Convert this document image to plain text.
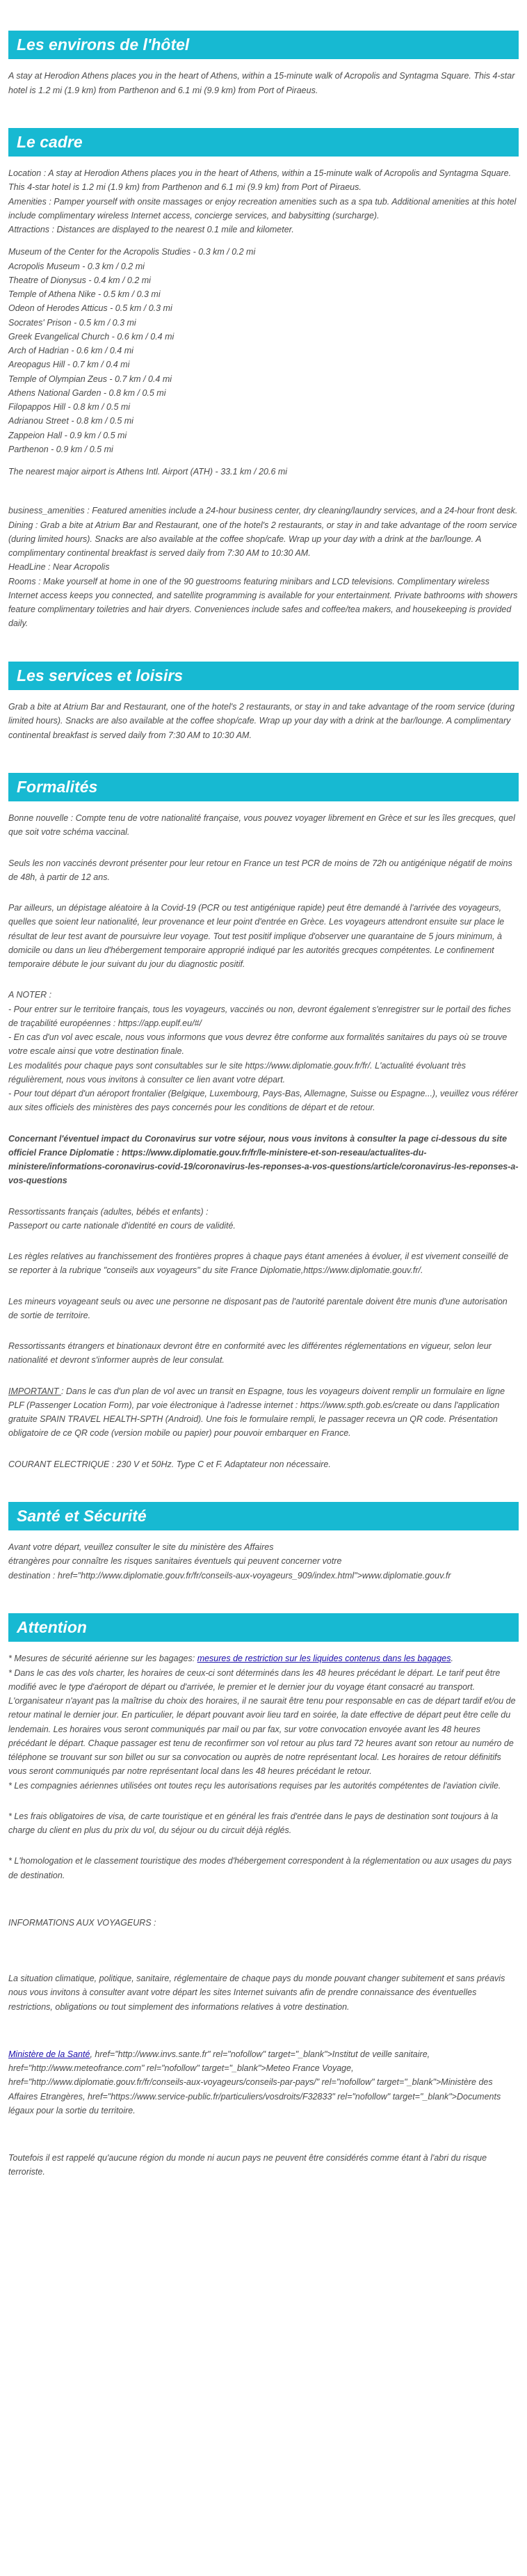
Les environs de l'hôtel

A stay at Herodion Athens places you in the heart of Athens, within a 15-minute walk of Acropolis and Syntagma Square. This 4-star hotel is 1.2 mi (1.9 km) from Parthenon and 6.1 mi (9.9 km) from Port of Piraeus.

Le cadre

Location : A stay at Herodion Athens places you in the heart of Athens, within a 15-minute walk of Acropolis and Syntagma Square. This 4-star hotel is 1.2 mi (1.9 km) from Parthenon and 6.1 mi (9.9 km) from Port of Piraeus.

Amenities : Pamper yourself with onsite massages or enjoy recreation amenities such as a spa tub. Additional amenities at this hotel include complimentary wireless Internet access, concierge services, and babysitting (surcharge).

Attractions : Distances are displayed to the nearest 0.1 mile and kilometer.

Museum of the Center for the Acropolis Studies - 0.3 km / 0.2 mi
Acropolis Museum - 0.3 km / 0.2 mi
Theatre of Dionysus - 0.4 km / 0.2 mi
Temple of Athena Nike - 0.5 km / 0.3 mi
Odeon of Herodes Atticus - 0.5 km / 0.3 mi
Socrates' Prison - 0.5 km / 0.3 mi
Greek Evangelical Church - 0.6 km / 0.4 mi
Arch of Hadrian - 0.6 km / 0.4 mi
Areopagus Hill - 0.7 km / 0.4 mi
Temple of Olympian Zeus - 0.7 km / 0.4 mi
Athens National Garden - 0.8 km / 0.5 mi
Filopappos Hill - 0.8 km / 0.5 mi
Adrianou Street - 0.8 km / 0.5 mi
Zappeion Hall - 0.9 km / 0.5 mi
Parthenon - 0.9 km / 0.5 mi

The nearest major airport is Athens Intl. Airport (ATH) - 33.1 km / 20.6 mi

business_amenities : Featured amenities include a 24-hour business center, dry cleaning/laundry services, and a 24-hour front desk.

Dining : Grab a bite at Atrium Bar and Restaurant, one of the hotel's 2 restaurants, or stay in and take advantage of the room service (during limited hours). Snacks are also available at the coffee shop/cafe. Wrap up your day with a drink at the bar/lounge. A complimentary continental breakfast is served daily from 7:30 AM to 10:30 AM.

HeadLine : Near Acropolis

Rooms : Make yourself at home in one of the 90 guestrooms featuring minibars and LCD televisions. Complimentary wireless Internet access keeps you connected, and satellite programming is available for your entertainment. Private bathrooms with showers feature complimentary toiletries and hair dryers. Conveniences include safes and coffee/tea makers, and housekeeping is provided daily.

Les services et loisirs

Grab a bite at Atrium Bar and Restaurant, one of the hotel's 2 restaurants, or stay in and take advantage of the room service (during limited hours). Snacks are also available at the coffee shop/cafe. Wrap up your day with a drink at the bar/lounge. A complimentary continental breakfast is served daily from 7:30 AM to 10:30 AM.

Formalités

Bonne nouvelle : Compte tenu de votre nationalité française, vous pouvez voyager librement en Grèce et sur les îles grecques, quel que soit votre schéma vaccinal.

Seuls les non vaccinés devront présenter pour leur retour en France un test PCR de moins de 72h ou antigénique négatif de moins de 48h, à partir de 12 ans.

Par ailleurs, un dépistage aléatoire à la Covid-19 (PCR ou test antigénique rapide) peut être demandé à l'arrivée des voyageurs, quelles que soient leur nationalité, leur provenance et leur point d'entrée en Grèce. Les voyageurs attendront ensuite sur place le résultat de leur test avant de poursuivre leur voyage. Tout test positif implique d'observer une quarantaine de 5 jours minimum, à domicile ou dans un lieu d'hébergement temporaire approprié indiqué par les autorités grecques compétentes. Le confinement temporaire débute le jour suivant du jour du diagnostic positif.

A NOTER :

- Pour entrer sur le territoire français, tous les voyageurs, vaccinés ou non, devront également s'enregistrer sur le portail des fiches de traçabilité européennes : https://app.euplf.eu/#/

- En cas d'un vol avec escale, nous vous informons que vous devrez être conforme aux formalités sanitaires du pays où se trouve votre escale ainsi que votre destination finale.

Les modalités pour chaque pays sont consultables sur le site https://www.diplomatie.gouv.fr/fr/. L'actualité évoluant très régulièrement, nous vous invitons à consulter ce lien avant votre départ.

- Pour tout départ d'un aéroport frontalier (Belgique, Luxembourg, Pays-Bas, Allemagne, Suisse ou Espagne...), veuillez vous référer aux sites officiels des ministères des pays concernés pour les conditions de départ et de retour.

Concernant l'éventuel impact du Coronavirus sur votre séjour, nous vous invitons à consulter la page ci-dessous du site officiel France Diplomatie : https://www.diplomatie.gouv.fr/fr/le-ministere-et-son-reseau/actualites-du-ministere/informations-coronavirus-covid-19/coronavirus-les-reponses-a-vos-questions/article/coronavirus-les-reponses-a-vos-questions

Ressortissants français (adultes, bébés et enfants) :

Passeport ou carte nationale d'identité en cours de validité.

Les règles relatives au franchissement des frontières propres à chaque pays étant amenées à évoluer, il est vivement conseillé de se reporter à la rubrique "conseils aux voyageurs" du site France Diplomatie,https://www.diplomatie.gouv.fr/.

Les mineurs voyageant seuls ou avec une personne ne disposant pas de l'autorité parentale doivent être munis d'une autorisation de sortie de territoire.

Ressortissants étrangers et binationaux devront être en conformité avec les différentes réglementations en vigueur, selon leur nationalité et devront s'informer auprès de leur consulat.

IMPORTANT : Dans le cas d'un plan de vol avec un transit en Espagne, tous les voyageurs doivent remplir un formulaire en ligne PLF (Passenger Location Form), par voie électronique à l'adresse internet : https://www.spth.gob.es/create ou dans l'application gratuite SPAIN TRAVEL HEALTH-SPTH (Android). Une fois le formulaire rempli, le passager recevra un QR code. Présentation obligatoire de ce QR code (version mobile ou papier) pour pouvoir embarquer en France.

COURANT ELECTRIQUE : 230 V et 50Hz. Type C et F. Adaptateur non nécessaire.

Santé et Sécurité

Avant votre départ, veuillez consulter le site du ministère des Affaires

étrangères pour connaître les risques sanitaires éventuels qui peuvent concerner votre

destination : href="http://www.diplomatie.gouv.fr/fr/conseils-aux-voyageurs_909/index.html">www.diplomatie.gouv.fr

Attention

* Mesures de sécurité aérienne sur les bagages: mesures de restriction sur les liquides contenus dans les bagages.

* Dans le cas des vols charter, les horaires de ceux-ci sont déterminés dans les 48 heures précédant le départ. Le tarif peut être modifié avec le type d'aéroport de départ ou d'arrivée, le premier et le dernier jour du voyage étant consacré au transport. L'organisateur n'ayant pas la maîtrise du choix des horaires, il ne saurait être tenu pour responsable en cas de départ tardif et/ou de retour matinal le dernier jour. En particulier, le départ pouvant avoir lieu tard en soirée, la date effective de départ peut être celle du lendemain. Les horaires vous seront communiqués par mail ou par fax, sur votre convocation envoyée avant les 48 heures précédant le départ. Chaque passager est tenu de reconfirmer son vol retour au plus tard 72 heures avant son retour au numéro de téléphone se trouvant sur son billet ou sur sa convocation ou auprès de notre représentant local. Les horaires de retour définitifs vous seront communiqués par notre représentant local dans les 48 heures précédant le retour.

* Les compagnies aériennes utilisées ont toutes reçu les autorisations requises par les autorités compétentes de l'aviation civile.

* Les frais obligatoires de visa, de carte touristique et en général les frais d'entrée dans le pays de destination sont toujours à la charge du client en plus du prix du vol, du séjour ou du circuit déjà réglés.

* L'homologation et le classement touristique des modes d'hébergement correspondent à la réglementation ou aux usages du pays de destination.

INFORMATIONS AUX VOYAGEURS :

La situation climatique, politique, sanitaire, réglementaire de chaque pays du monde pouvant changer subitement et sans préavis

nous vous invitons à consulter avant votre départ les sites Internet suivants afin de prendre connaissance des éventuelles restrictions, obligations ou tout simplement des informations relatives à votre destination.

Ministère de la Santé, href="http://www.invs.sante.fr" rel="nofollow" target="_blank">Institut de veille sanitaire, href="http://www.meteofrance.com" rel="nofollow" target="_blank">Meteo France Voyage, href="http://www.diplomatie.gouv.fr/fr/conseils-aux-voyageurs/conseils-par-pays/" rel="nofollow" target="_blank">Ministère des Affaires Etrangères, href="https://www.service-public.fr/particuliers/vosdroits/F32833" rel="nofollow" target="_blank">Documents légaux pour la sortie du territoire.

Toutefois il est rappelé qu'aucune région du monde ni aucun pays ne peuvent être considérés comme étant à l'abri du risque terroriste.
